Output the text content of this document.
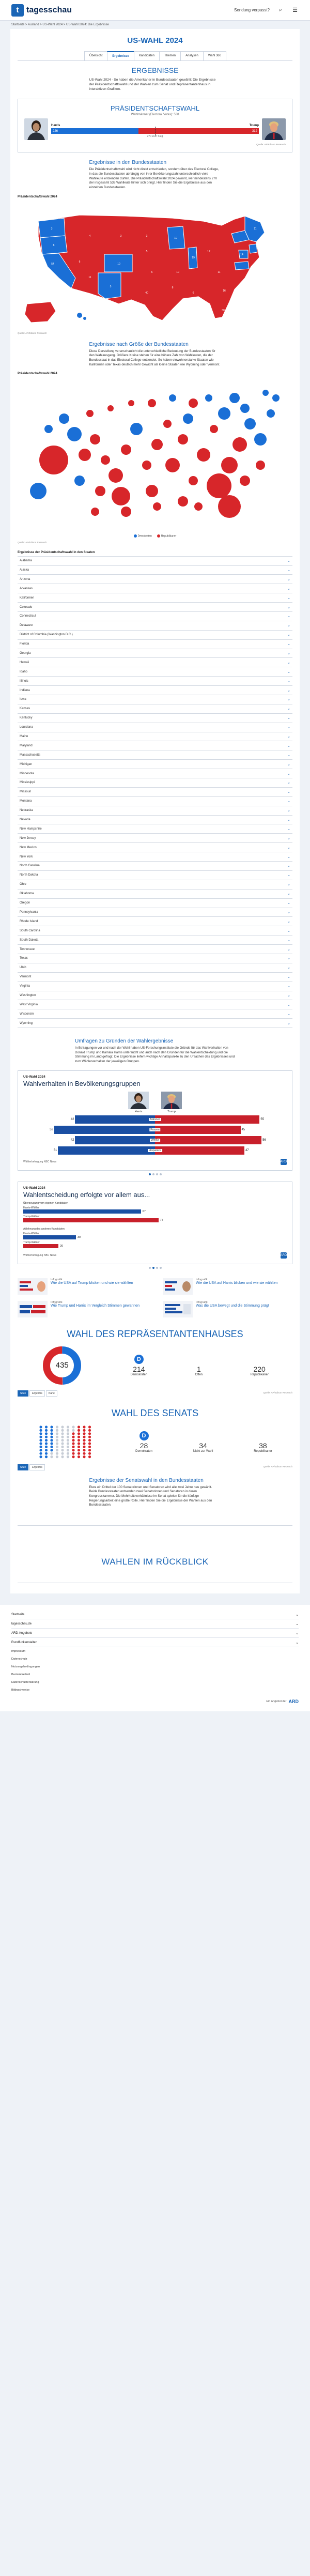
t tagesschau	Sendung verpasst?	⌕	☰
Startseite > Ausland > US-Wahl 2024 > US-Wahl 2024: Die Ergebnisse
US-WAHL 2024
Übersicht	Ergebnisse	Kandidaten	Themen	Analysen	Wahl 360
ERGEBNISSE
US-Wahl 2024 - So haben die Amerikaner in Bundesstaaten gewählt: Die Ergebnisse der Präsidentschaftswahl und der Wahlen zum Senat und Repräsentantenhaus in interaktiven Grafiken.
PRÄSIDENTSCHAFTSWAHL
Wahlmänner (Electoral Votes): 538
Harris	Trump
226	312
270 zum Sieg
Quelle: AP/Edison Research
Ergebnisse in den Bundesstaaten
Die Präsidentschaftswahl wird nicht direkt entschieden, sondern über das Electoral College, in das die Bundesstaaten abhängig von ihrer Bevölkerungszahl unterschiedlich viele Wahlleute entsenden dürfen. Die Präsidentschaftswahl 2024 gewinnt, wer mindestens 270 der insgesamt 538 Wahlleute hinter sich bringt. Hier finden Sie die Ergebnisse aus den einzelnen Bundesstaaten.
Präsidentschaftswahl 2024
3
8
54	10
5
10
19
11
14
4	3	3
5
6
11
6
40
10
17
11
16
30
6
8
Quelle: AP/Edison Research
Ergebnisse nach Größe der Bundesstaaten
Diese Darstellung veranschaulicht die unterschiedliche Bedeutung der Bundesstaaten für den Wahlausgang. Größere Kreise stehen für eine höhere Zahl von Wahlleuten, die der Bundesstaat in das Electoral College entsendet. So haben einwohnerstarke Staaten wie Kalifornien oder Texas deutlich mehr Gewicht als kleine Staaten wie Wyoming oder Vermont.
Präsidentschaftswahl 2024
Demokraten	Republikaner
Quelle: AP/Edison Research
Ergebnisse der Präsidentschaftswahl in den Staaten
Alabama	⌄
Alaska	⌄
Arizona	⌄
Arkansas	⌄
Kalifornien	⌄
Colorado	⌄
Connecticut	⌄
Delaware	⌄
District of Columbia (Washington D.C.)	⌄
Florida	⌄
Georgia	⌄
Hawaii	⌄
Idaho	⌄
Illinois	⌄
Indiana	⌄
Iowa	⌄
Kansas	⌄
Kentucky	⌄
Louisiana	⌄
Maine	⌄
Maryland	⌄
Massachusetts	⌄
Michigan	⌄
Minnesota	⌄
Mississippi	⌄
Missouri	⌄
Montana	⌄
Nebraska	⌄
Nevada	⌄
New Hampshire	⌄
New Jersey	⌄
New Mexico	⌄
New York	⌄
North Carolina	⌄
North Dakota	⌄
Ohio	⌄
Oklahoma	⌄
Oregon	⌄
Pennsylvania	⌄
Rhode Island	⌄
South Carolina	⌄
South Dakota	⌄
Tennessee	⌄
Texas	⌄
Utah	⌄
Vermont	⌄
Virginia	⌄
Washington	⌄
West Virginia	⌄
Wisconsin	⌄
Wyoming	⌄
Umfragen zu Gründen der Wahlergebnisse
In Befragungen vor und nach der Wahl haben US-Forschungsinstitute die Gründe für das Wahlverhalten von Donald Trump und Kamala Harris untersucht und auch nach den Gründen für die Wahlentscheidung und die Stimmung im Land gefragt. Die Ergebnisse liefern wichtige Anhaltspunkte zu den Ursachen des Ergebnisses und zum Wählerverhalten der jeweiligen Gruppen.
US-Wahl 2024
Wahlverhalten in Bevölkerungsgruppen
Harris	Trump
42	55
Männer
53	45
Frauen
42	56
Weiße
51	47
Hispanics
Wählerbefragung NBC News	ARD
US-Wahl 2024
Wahlentscheidung erfolgte vor allem aus...
Überzeugung vom eigenen Kandidaten
Harris-Wähler
67
Trump-Wähler
77
Ablehnung des anderen Kandidaten
Harris-Wähler
30
Trump-Wähler
20
Wählerbefragung NBC News	ARD
Infografik
Wie die USA auf Trump blicken und wie sie wählten
Infografik
Wie die USA auf Harris blicken und wie sie wählten
Infografik
Wie Trump und Harris im Vergleich Stimmen gewannen
Infografik
Was die USA bewegt und die Stimmung prägt
WAHL DES REPRÄSENTANTENHAUSES
435
D
214
Demokraten
1
Offen
220
Republikaner
Sitze	Ergebnis	Karte	Quelle: AP/Edison Research
WAHL DES SENATS
D
28
Demokraten
34
Nicht zur Wahl
38
Republikaner
Sitze	Ergebnis	Quelle: AP/Edison Research
Ergebnisse der Senatswahl in den Bundesstaaten
Etwa ein Drittel der 100 Senatorinnen und Senatoren wird alle zwei Jahre neu gewählt. Beide Bundesstaaten entsenden zwei Senatorinnen und Senatoren in deren Kongresskammer. Die Mehrheitsverhältnisse im Senat spielen für die künftige Regierungsarbeit eine große Rolle. Hier finden Sie die Ergebnisse der Wahlen aus den Bundesstaaten.
WAHLEN IM RÜCKBLICK
Startseite	⌄
tagesschau.de	⌄
ARD-Angebote	⌄
Rundfunkanstalten	⌄
Impressum
Datenschutz
Nutzungsbedingungen
Barrierefreiheit
Datenschutzerklärung
Bildnachweise
Ein Angebot der ARD
